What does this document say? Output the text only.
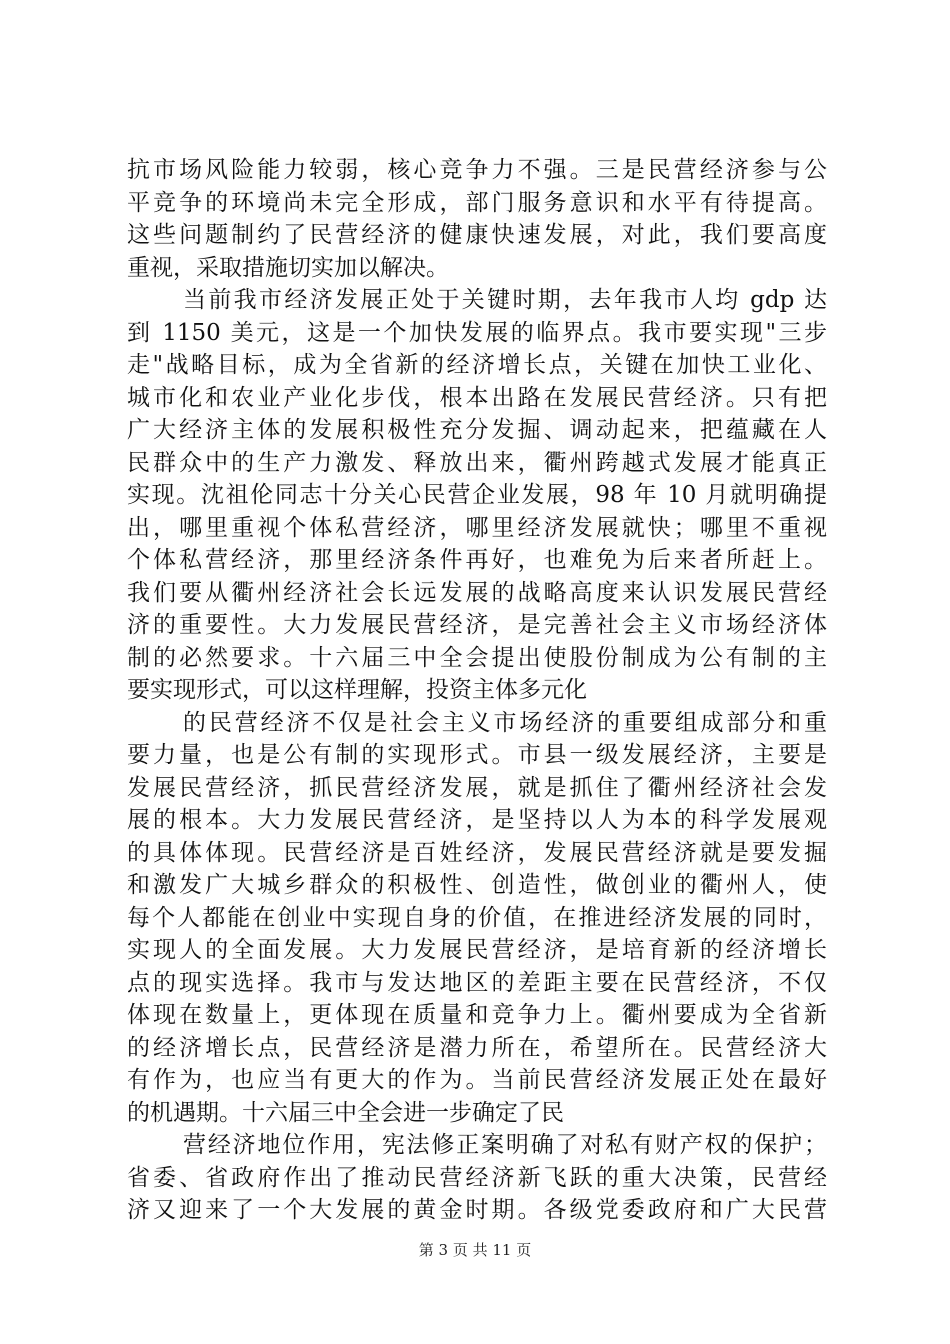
抗市场风险能力较弱，核心竞争力不强。三是民营经济参与公
平竞争的环境尚未完全形成，部门服务意识和水平有待提高。
这些问题制约了民营经济的健康快速发展，对此，我们要高度
重视，采取措施切实加以解决。
当前我市经济发展正处于关键时期，去年我市人均 gdp 达
到 1150 美元，这是一个加快发展的临界点。我市要实现"三步
走"战略目标，成为全省新的经济增长点，关键在加快工业化、
城市化和农业产业化步伐，根本出路在发展民营经济。只有把
广大经济主体的发展积极性充分发掘、调动起来，把蕴藏在人
民群众中的生产力激发、释放出来，衢州跨越式发展才能真正
实现。沈祖伦同志十分关心民营企业发展，98 年 10 月就明确提
出，哪里重视个体私营经济，哪里经济发展就快；哪里不重视
个体私营经济，那里经济条件再好，也难免为后来者所赶上。
我们要从衢州经济社会长远发展的战略高度来认识发展民营经
济的重要性。大力发展民营经济，是完善社会主义市场经济体
制的必然要求。十六届三中全会提出使股份制成为公有制的主
要实现形式，可以这样理解，投资主体多元化
的民营经济不仅是社会主义市场经济的重要组成部分和重
要力量，也是公有制的实现形式。市县一级发展经济，主要是
发展民营经济，抓民营经济发展，就是抓住了衢州经济社会发
展的根本。大力发展民营经济，是坚持以人为本的科学发展观
的具体体现。民营经济是百姓经济，发展民营经济就是要发掘
和激发广大城乡群众的积极性、创造性，做创业的衢州人，使
每个人都能在创业中实现自身的价值，在推进经济发展的同时，
实现人的全面发展。大力发展民营经济，是培育新的经济增长
点的现实选择。我市与发达地区的差距主要在民营经济，不仅
体现在数量上，更体现在质量和竞争力上。衢州要成为全省新
的经济增长点，民营经济是潜力所在，希望所在。民营经济大
有作为，也应当有更大的作为。当前民营经济发展正处在最好
的机遇期。十六届三中全会进一步确定了民
营经济地位作用，宪法修正案明确了对私有财产权的保护；
省委、省政府作出了推动民营经济新飞跃的重大决策，民营经
济又迎来了一个大发展的黄金时期。各级党委政府和广大民营
第 3 页 共 11 页
